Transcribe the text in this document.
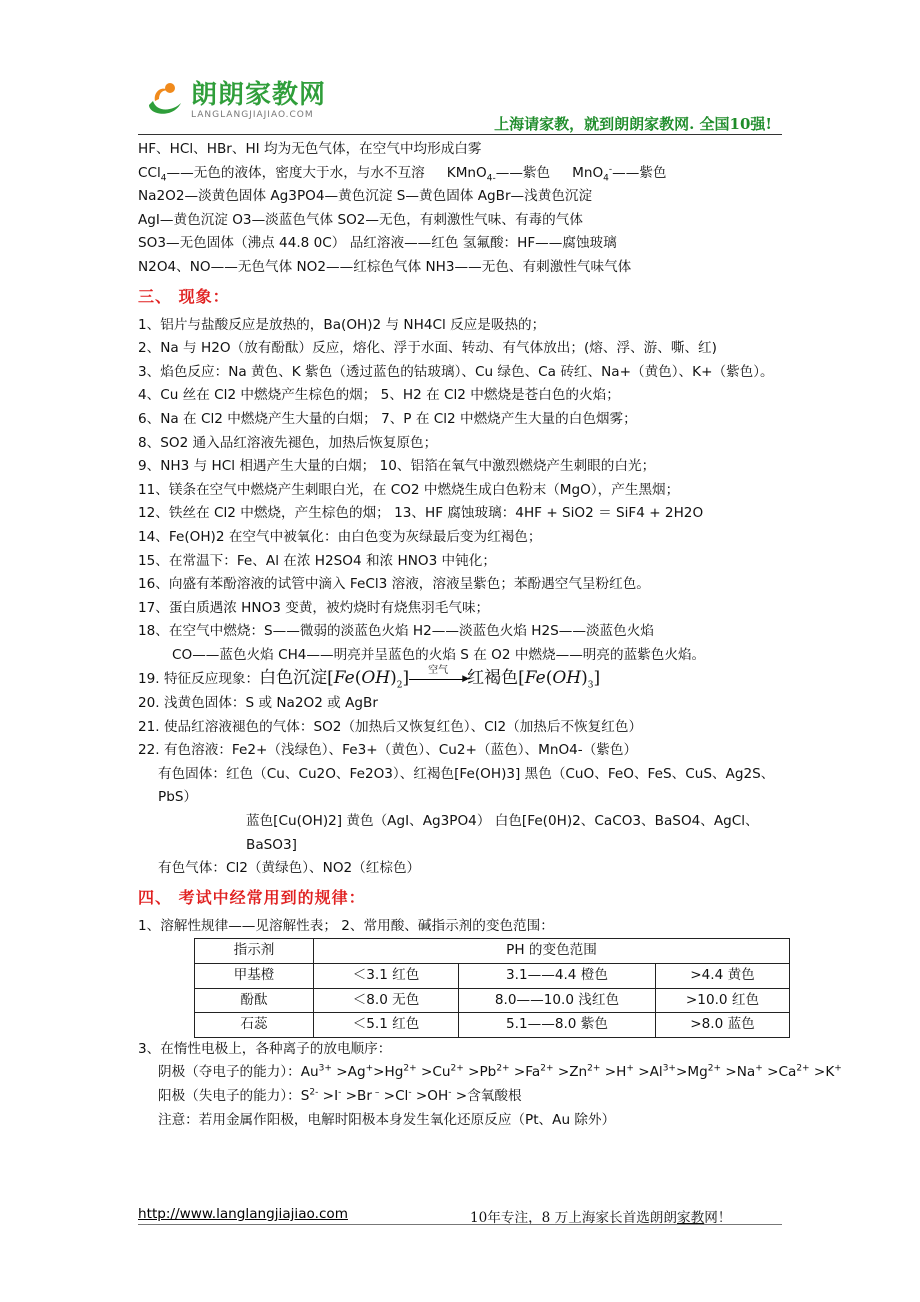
朗朗家教网
LANGLANGJIAJIAO.COM
上海请家教，就到朗朗家教网. 全国10强!
HF、HCl、HBr、HI 均为无色气体，在空气中均形成白雾
CCl$_4$——无色的液体，密度大于水，与水不互溶 KMnO$_{4-}$——紫色 MnO$_4$-——紫色
Na2O2—淡黄色固体 Ag3PO4—黄色沉淀 S—黄色固体 AgBr—浅黄色沉淀
AgI—黄色沉淀 O3—淡蓝色气体 SO2—无色，有刺激性气味、有毒的气体
SO3—无色固体（沸点 44.8 0C） 品红溶液——红色 氢氟酸：HF——腐蚀玻璃
N2O4、NO——无色气体 NO2——红棕色气体 NH3——无色、有刺激性气味气体
三、 现象：
1、铝片与盐酸反应是放热的，Ba(OH)2 与 NH4Cl 反应是吸热的；
2、Na 与 H2O（放有酚酞）反应，熔化、浮于水面、转动、有气体放出；(熔、浮、游、嘶、红)
3、焰色反应：Na 黄色、K 紫色（透过蓝色的钴玻璃）、Cu 绿色、Ca 砖红、Na+（黄色）、K+（紫色）。
4、Cu 丝在 Cl2 中燃烧产生棕色的烟； 5、H2 在 Cl2 中燃烧是苍白色的火焰；
6、Na 在 Cl2 中燃烧产生大量的白烟； 7、P 在 Cl2 中燃烧产生大量的白色烟雾；
8、SO2 通入品红溶液先褪色，加热后恢复原色；
9、NH3 与 HCl 相遇产生大量的白烟； 10、铝箔在氧气中激烈燃烧产生刺眼的白光；
11、镁条在空气中燃烧产生刺眼白光，在 CO2 中燃烧生成白色粉末（MgO），产生黑烟；
12、铁丝在 Cl2 中燃烧，产生棕色的烟； 13、HF 腐蚀玻璃：4HF + SiO2 ＝ SiF4 + 2H2O
14、Fe(OH)2 在空气中被氧化：由白色变为灰绿最后变为红褐色；
15、在常温下：Fe、Al 在浓 H2SO4 和浓 HNO3 中钝化；
16、向盛有苯酚溶液的试管中滴入 FeCl3 溶液，溶液呈紫色；苯酚遇空气呈粉红色。
17、蛋白质遇浓 HNO3 变黄，被灼烧时有烧焦羽毛气味；
18、在空气中燃烧：S——微弱的淡蓝色火焰 H2——淡蓝色火焰 H2S——淡蓝色火焰
CO——蓝色火焰 CH4——明亮并呈蓝色的火焰 S 在 O2 中燃烧——明亮的蓝紫色火焰。
19. 特征反应现象：白色沉淀$[Fe(OH)_2]$	空气
▶
红褐色$[Fe(OH)_3]$
20. 浅黄色固体：S 或 Na2O2 或 AgBr
21. 使品红溶液褪色的气体：SO2（加热后又恢复红色）、Cl2（加热后不恢复红色）
22. 有色溶液：Fe2+（浅绿色）、Fe3+（黄色）、Cu2+（蓝色）、MnO4-（紫色）
有色固体：红色（Cu、Cu2O、Fe2O3）、红褐色[Fe(OH)3] 黑色（CuO、FeO、FeS、CuS、Ag2S、PbS）
蓝色[Cu(OH)2] 黄色（AgI、Ag3PO4） 白色[Fe(0H)2、CaCO3、BaSO4、AgCl、BaSO3]
有色气体：Cl2（黄绿色）、NO2（红棕色）
四、 考试中经常用到的规律：
1、溶解性规律——见溶解性表； 2、常用酸、碱指示剂的变色范围：
指示剂	PH 的变色范围		
甲基橙	＜3.1 红色	3.1——4.4 橙色	>4.4 黄色
酚酞	＜8.0 无色	8.0——10.0 浅红色	>10.0 红色
石蕊	＜5.1 红色	5.1——8.0 紫色	>8.0 蓝色
3、在惰性电极上，各种离子的放电顺序：
阴极（夺电子的能力）：$Au^{3+} >Ag^+>Hg^{2+} >Cu^{2+} >Pb^{2+} >Fa^{2+} >Zn^{2+} >H^+ >Al^{3+}>Mg^{2+} >Na^+ >Ca^{2+} >K^+$
阳极（失电子的能力）：$S^{2-} >I^- >Br$ – >Cl- >OH- >含氧酸根
注意：若用金属作阳极，电解时阳极本身发生氧化还原反应（Pt、Au 除外）
http://www.langlangjiajiao.com	10年专注，8 万上海家长首选朗朗家教网！
